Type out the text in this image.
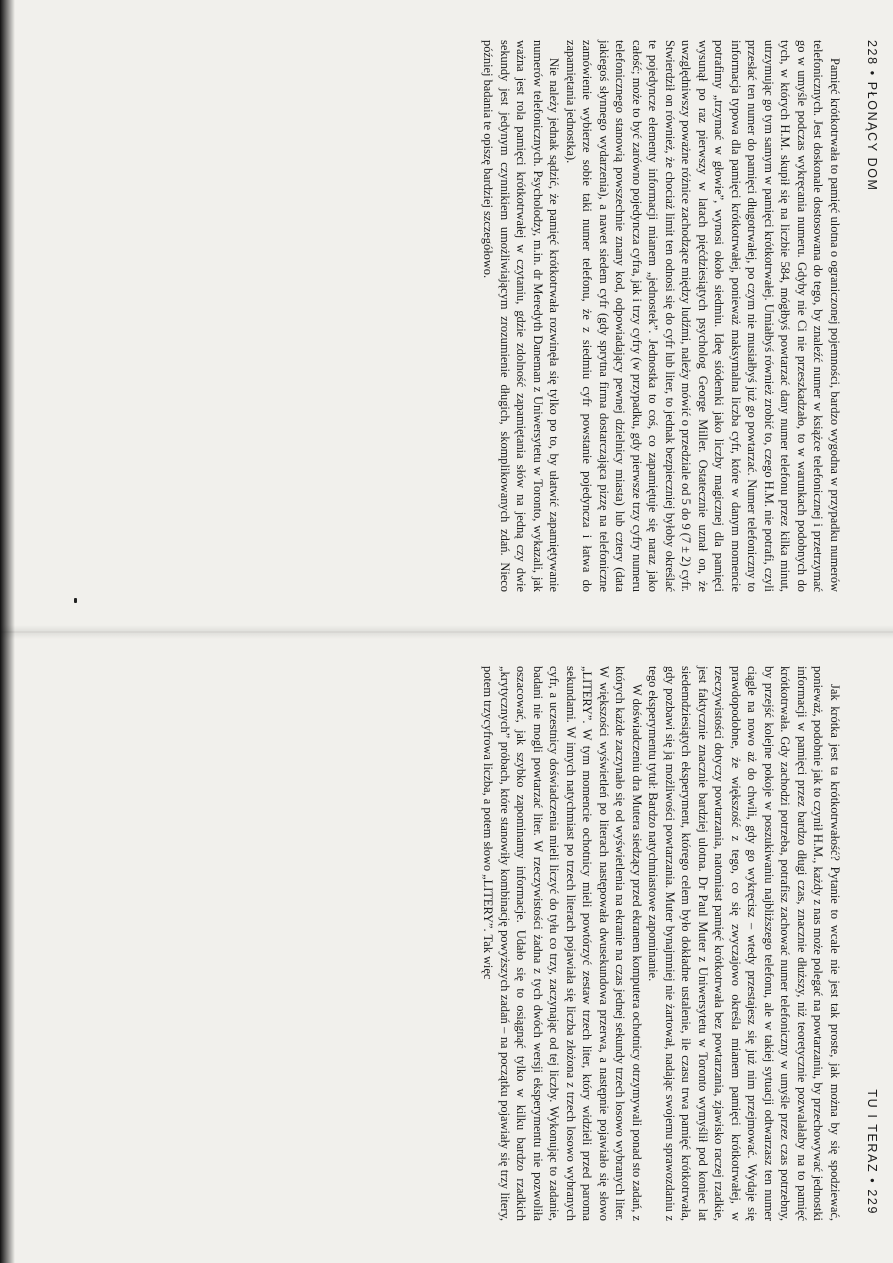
228 • PŁONĄCY DOM

Pamięć krótkotrwała to pamięć ulotna o ograniczonej pojemności, bardzo wygodna w przypadku numerów telefonicznych. Jest doskonale dostosowana do tego, by znaleźć numer w książce telefonicznej i przetrzymać go w umyśle podczas wykręcania numeru. Gdyby nie Ci nie przeszkadzało, to w warunkach podobnych do tych, w których H.M. skupił się na liczbie 584, mógłbyś powtarzać dany numer telefonu przez kilka minut, utrzymując go tym samym w pamięci krótkotrwałej. Umiałbyś również zrobić to, czego H.M. nie potrafi, czyli przesłać ten numer do pamięci długotrwałej, po czym nie musiałbyś już go powtarzać. Numer telefoniczny to informacja typowa dla pamięci krótkotrwałej, ponieważ maksymalna liczba cyfr, które w danym momencie potrafimy „trzymać w głowie”, wynosi około siedmiu. Ideę siódemki jako liczby magicznej dla pamięci wysunął po raz pierwszy w latach pięćdziesiątych psycholog George Miller. Ostatecznie uznał on, że uwzględniwszy poważne różnice zachodzące między ludźmi, należy mówić o przedziale od 5 do 9 (7 ± 2) cyfr. Stwierdził on również, że chociaż limit ten odnosi się do cyfr lub liter, to jednak bezpieczniej byłoby określać te pojedyncze elementy informacji mianem „jednostek”. Jednostka to coś, co zapamiętuje się naraz jako całość; może to być zarówno pojedyncza cyfra, jak i trzy cyfry (w przypadku, gdy pierwsze trzy cyfry numeru telefonicznego stanowią powszechnie znany kod, odpowiadający pewnej dzielnicy miasta) lub cztery (data jakiegoś słynnego wydarzenia), a nawet siedem cyfr (gdy sprytna firma dostarczająca pizzę na telefoniczne zamówienie wybierze sobie taki numer telefonu, że z siedmiu cyfr powstanie pojedyncza i łatwa do zapamiętania jednostka).

Nie należy jednak sądzić, że pamięć krótkotrwała rozwinęła się tylko po to, by ułatwić zapamiętywanie numerów telefonicznych. Psycholodzy, m.in. dr Meredyth Daneman z Uniwersytetu w Toronto, wykazali, jak ważna jest rola pamięci krótkotrwałej w czytaniu, gdzie zdolność zapamiętania słów na jedną czy dwie sekundy jest jedynym czynnikiem umożliwiającym zrozumienie długich, skomplikowanych zdań. Nieco później badania te opiszę bardziej szczegółowo.

TU I TERAZ • 229

Jak krótka jest ta krótkotrwałość? Pytanie to wcale nie jest tak proste, jak można by się spodziewać, ponieważ, podobnie jak to czynił H.M., każdy z nas może polegać na powtarzaniu, by przechowywać jednostki informacji w pamięci przez bardzo długi czas, znacznie dłuższy, niż teoretycznie pozwalałaby na to pamięć krótkotrwała. Gdy zachodzi potrzeba, potrafisz zachować numer telefoniczny w umyśle przez czas potrzebny, by przejść kolejne pokoje w poszukiwaniu najbliższego telefonu, ale w takiej sytuacji odtwarzasz ten numer ciągle na nowo aż do chwili, gdy go wykręcisz – wtedy przestajesz się już nim przejmować. Wydaje się prawdopodobne, że większość z tego, co się zwyczajowo określa mianem pamięci krótkotrwałej, w rzeczywistości dotyczy powtarzania, natomiast pamięć krótkotrwała bez powtarzania, zjawisko raczej rzadkie, jest faktycznie znacznie bardziej ulotna. Dr Paul Muter z Uniwersytetu w Toronto wymyślił pod koniec lat siedemdziesiątych eksperyment, którego celem było dokładne ustalenie, ile czasu trwa pamięć krótkotrwała, gdy pozbawi się ją możliwości powtarzania. Muter bynajmniej nie żartował, nadając swojemu sprawozdaniu z tego eksperymentu tytuł: Bardzo natychmiastowe zapominanie.

W doświadczeniu dra Mutera siedzący przed ekranem komputera ochotnicy otrzymywali ponad sto zadań, z których każde zaczynało się od wyświetlenia na ekranie na czas jednej sekundy trzech losowo wybranych liter. W większości wyświetleń po literach następowała dwusekundowa przerwa, a następnie pojawiało się słowo „LITERY”. W tym momencie ochotnicy mieli powtórzyć zestaw trzech liter, który widzieli przed paroma sekundami. W innych natychmiast po trzech literach pojawiała się liczba złożona z trzech losowo wybranych cyfr, a uczestnicy doświadczenia mieli liczyć do tyłu co trzy, zaczynając od tej liczby. Wykonując to zadanie, badani nie mogli powtarzać liter. W rzeczywistości żadna z tych dwóch wersji eksperymentu nie pozwoliła oszacować, jak szybko zapominamy informacje. Udało się to osiągnąć tylko w kilku bardzo rzadkich „krytycznych” próbach, które stanowiły kombinację powyższych zadań – na początku pojawiały się trzy litery, potem trzycyfrowa liczba, a potem słowo „LITERY”. Tak więc
